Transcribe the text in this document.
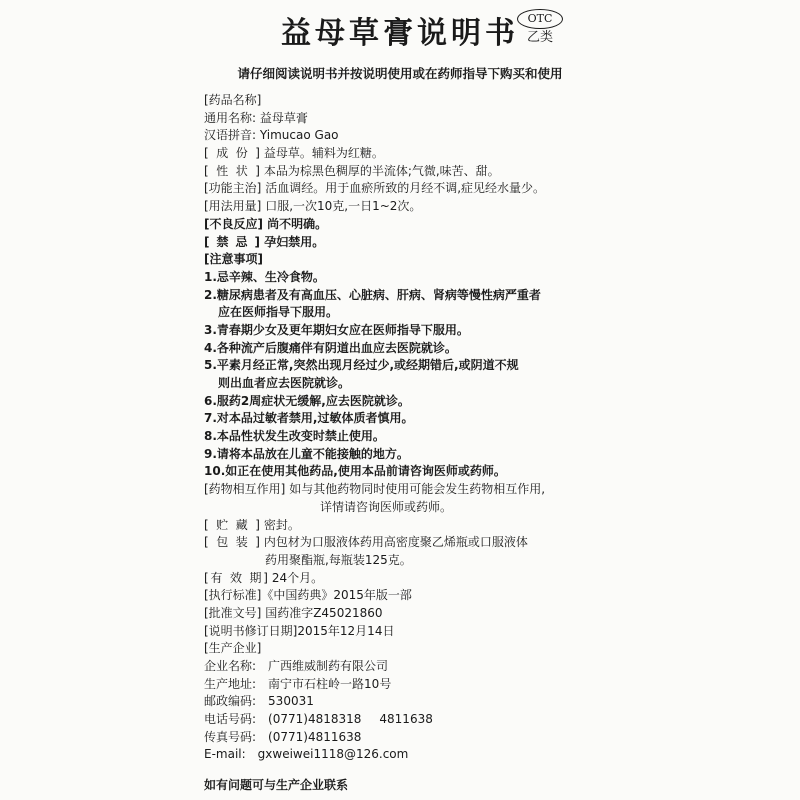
益母草膏说明书 OTC
乙类

请仔细阅读说明书并按说明使用或在药师指导下购买和使用

[药品名称]
通用名称: 益母草膏
汉语拼音: Yimucao Gao
[成份] 益母草。辅料为红糖。
[性状] 本品为棕黑色稠厚的半流体;气微,味苦、甜。
[功能主治] 活血调经。用于血瘀所致的月经不调,症见经水量少。
[用法用量] 口服,一次10克,一日1~2次。
[不良反应] 尚不明确。
[禁忌] 孕妇禁用。
[注意事项]
1.忌辛辣、生冷食物。
2.糖尿病患者及有高血压、心脏病、肝病、肾病等慢性病严重者
应在医师指导下服用。
3.青春期少女及更年期妇女应在医师指导下服用。
4.各种流产后腹痛伴有阴道出血应去医院就诊。
5.平素月经正常,突然出现月经过少,或经期错后,或阴道不规
则出血者应去医院就诊。
6.服药2周症状无缓解,应去医院就诊。
7.对本品过敏者禁用,过敏体质者慎用。
8.本品性状发生改变时禁止使用。
9.请将本品放在儿童不能接触的地方。
10.如正在使用其他药品,使用本品前请咨询医师或药师。
[药物相互作用] 如与其他药物同时使用可能会发生药物相互作用,
详情请咨询医师或药师。
[贮藏] 密封。
[包装] 内包材为口服液体药用高密度聚乙烯瓶或口服液体
药用聚酯瓶,每瓶装125克。
[有 效 期] 24个月。
[执行标准]《中国药典》2015年版一部
[批准文号] 国药准字Z45021860
[说明书修订日期]2015年12月14日
[生产企业]
企业名称: 广西维威制药有限公司
生产地址: 南宁市石柱岭一路10号
邮政编码: 530031
电话号码: (0771)4818318 4811638
传真号码: (0771)4811638
E-mail: gxweiwei1118@126.com
如有问题可与生产企业联系
